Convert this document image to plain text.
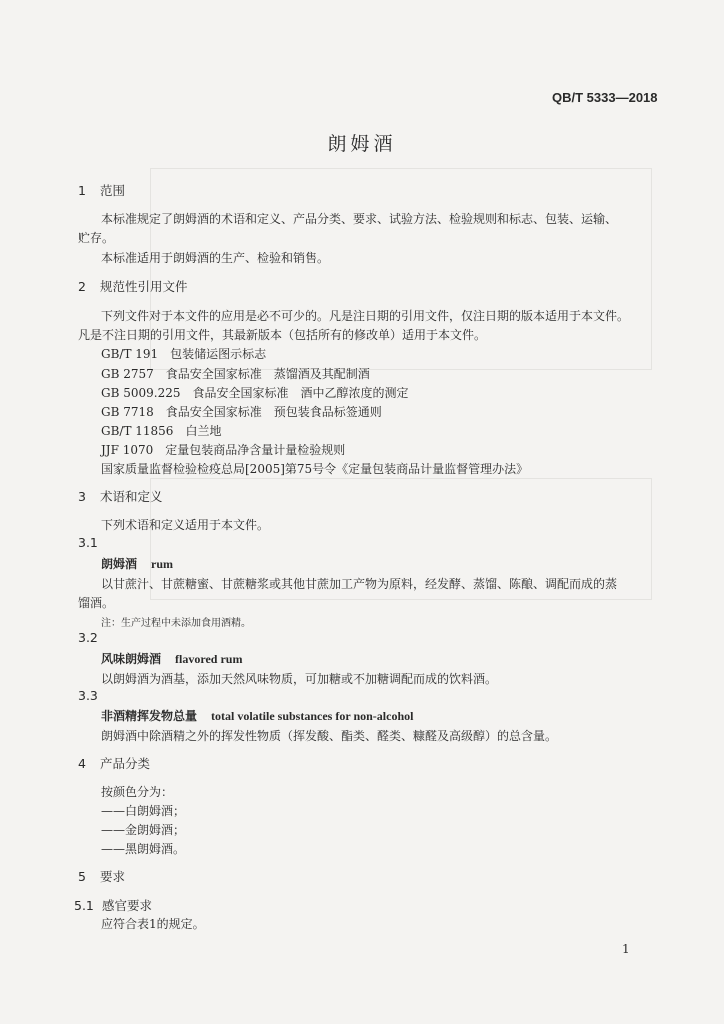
QB/T 5333—2018
朗姆酒
1 范围
本标准规定了朗姆酒的术语和定义、产品分类、要求、试验方法、检验规则和标志、包装、运输、
贮存。
本标准适用于朗姆酒的生产、检验和销售。
2 规范性引用文件
下列文件对于本文件的应用是必不可少的。凡是注日期的引用文件，仅注日期的版本适用于本文件。
凡是不注日期的引用文件，其最新版本（包括所有的修改单）适用于本文件。
GB/T 191　包装储运图示标志
GB 2757　食品安全国家标准　蒸馏酒及其配制酒
GB 5009.225　食品安全国家标准　酒中乙醇浓度的测定
GB 7718　食品安全国家标准　预包装食品标签通则
GB/T 11856　白兰地
JJF 1070　定量包装商品净含量计量检验规则
国家质量监督检验检疫总局[2005]第75号令《定量包装商品计量监督管理办法》
3 术语和定义
下列术语和定义适用于本文件。
3.1
朗姆酒 rum
以甘蔗汁、甘蔗糖蜜、甘蔗糖浆或其他甘蔗加工产物为原料，经发酵、蒸馏、陈酿、调配而成的蒸
馏酒。
注：生产过程中未添加食用酒精。
3.2
风味朗姆酒 flavored rum
以朗姆酒为酒基，添加天然风味物质，可加糖或不加糖调配而成的饮料酒。
3.3
非酒精挥发物总量 total volatile substances for non-alcohol
朗姆酒中除酒精之外的挥发性物质（挥发酸、酯类、醛类、糠醛及高级醇）的总含量。
4 产品分类
按颜色分为：
——白朗姆酒；
——金朗姆酒；
——黑朗姆酒。
5 要求
5.1 感官要求
应符合表1的规定。
1
